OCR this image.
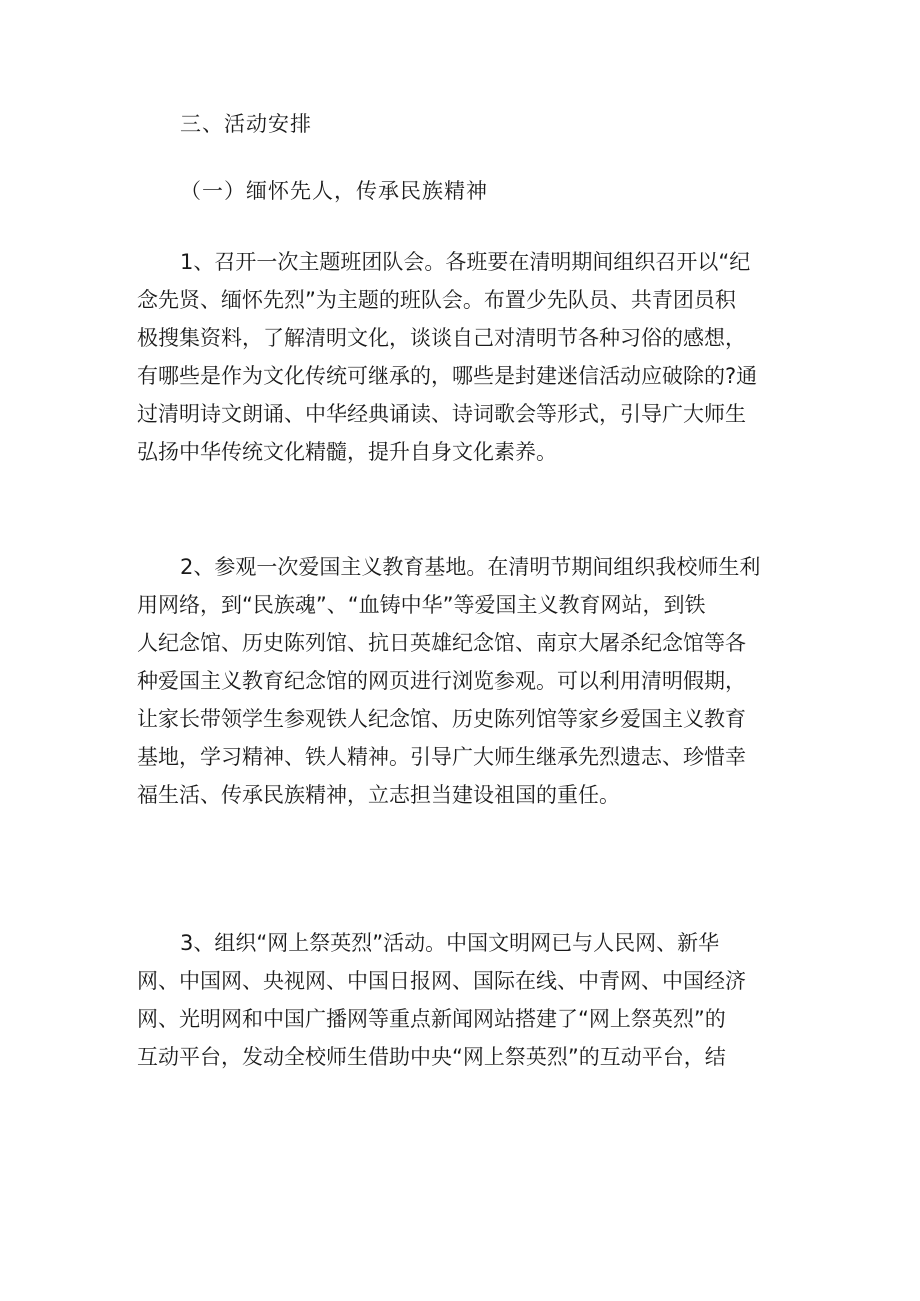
三、活动安排
（一）缅怀先人，传承民族精神
1、召开一次主题班团队会。各班要在清明期间组织召开以“纪
念先贤、缅怀先烈”为主题的班队会。布置少先队员、共青团员积
极搜集资料，了解清明文化，谈谈自己对清明节各种习俗的感想，
有哪些是作为文化传统可继承的，哪些是封建迷信活动应破除的?通
过清明诗文朗诵、中华经典诵读、诗词歌会等形式，引导广大师生
弘扬中华传统文化精髓，提升自身文化素养。
2、参观一次爱国主义教育基地。在清明节期间组织我校师生利
用网络，到“民族魂”、“血铸中华”等爱国主义教育网站，到铁
人纪念馆、历史陈列馆、抗日英雄纪念馆、南京大屠杀纪念馆等各
种爱国主义教育纪念馆的网页进行浏览参观。可以利用清明假期，
让家长带领学生参观铁人纪念馆、历史陈列馆等家乡爱国主义教育
基地，学习精神、铁人精神。引导广大师生继承先烈遗志、珍惜幸
福生活、传承民族精神，立志担当建设祖国的重任。
3、组织“网上祭英烈”活动。中国文明网已与人民网、新华
网、中国网、央视网、中国日报网、国际在线、中青网、中国经济
网、光明网和中国广播网等重点新闻网站搭建了“网上祭英烈”的
互动平台，发动全校师生借助中央“网上祭英烈”的互动平台，结
